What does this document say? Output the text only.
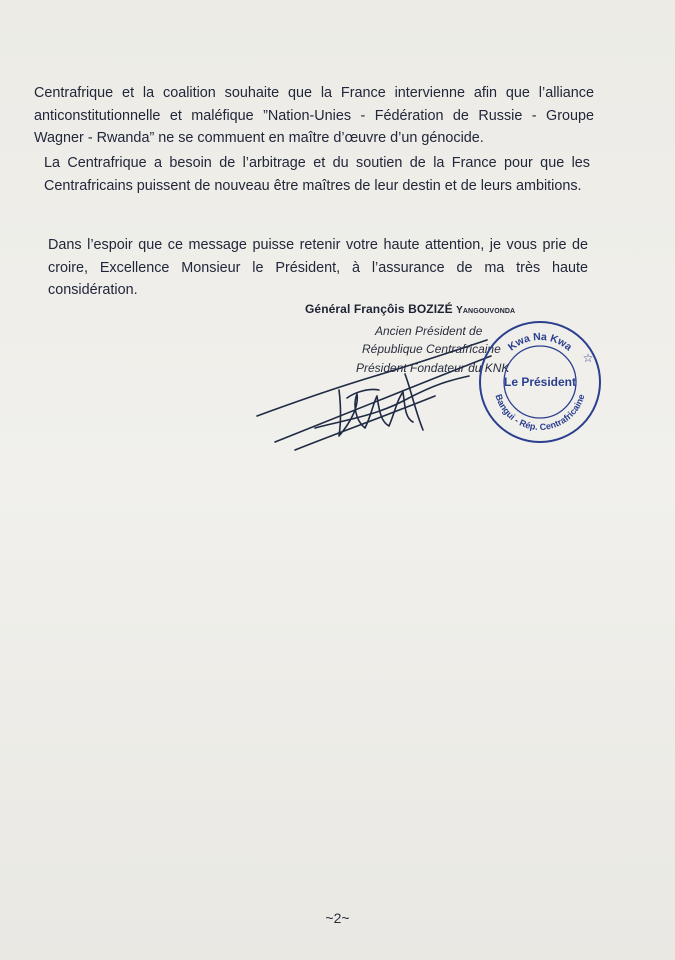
Centrafrique et la coalition souhaite que la France intervienne afin que l’alliance anticonstitutionnelle et maléfique ”Nation-Unies - Fédération de Russie - Groupe Wagner - Rwanda” ne se commuent en maître d’œuvre d’un génocide.

La Centrafrique a besoin de l’arbitrage et du soutien de la France pour que les Centrafricains puissent de nouveau être maîtres de leur destin et de leurs ambitions.

Dans l’espoir que ce message puisse retenir votre haute attention, je vous prie de croire, Excellence Monsieur le Président, à l’assurance de ma très haute considération.

Général Françôis BOZIZÉ Yangouvonda
Ancien Président de
République Centrafricaine
Président Fondateur du KNK
Kwa Na Kwa
Bangui - Rép. Centrafricaine
Le Président
☆
~2~
